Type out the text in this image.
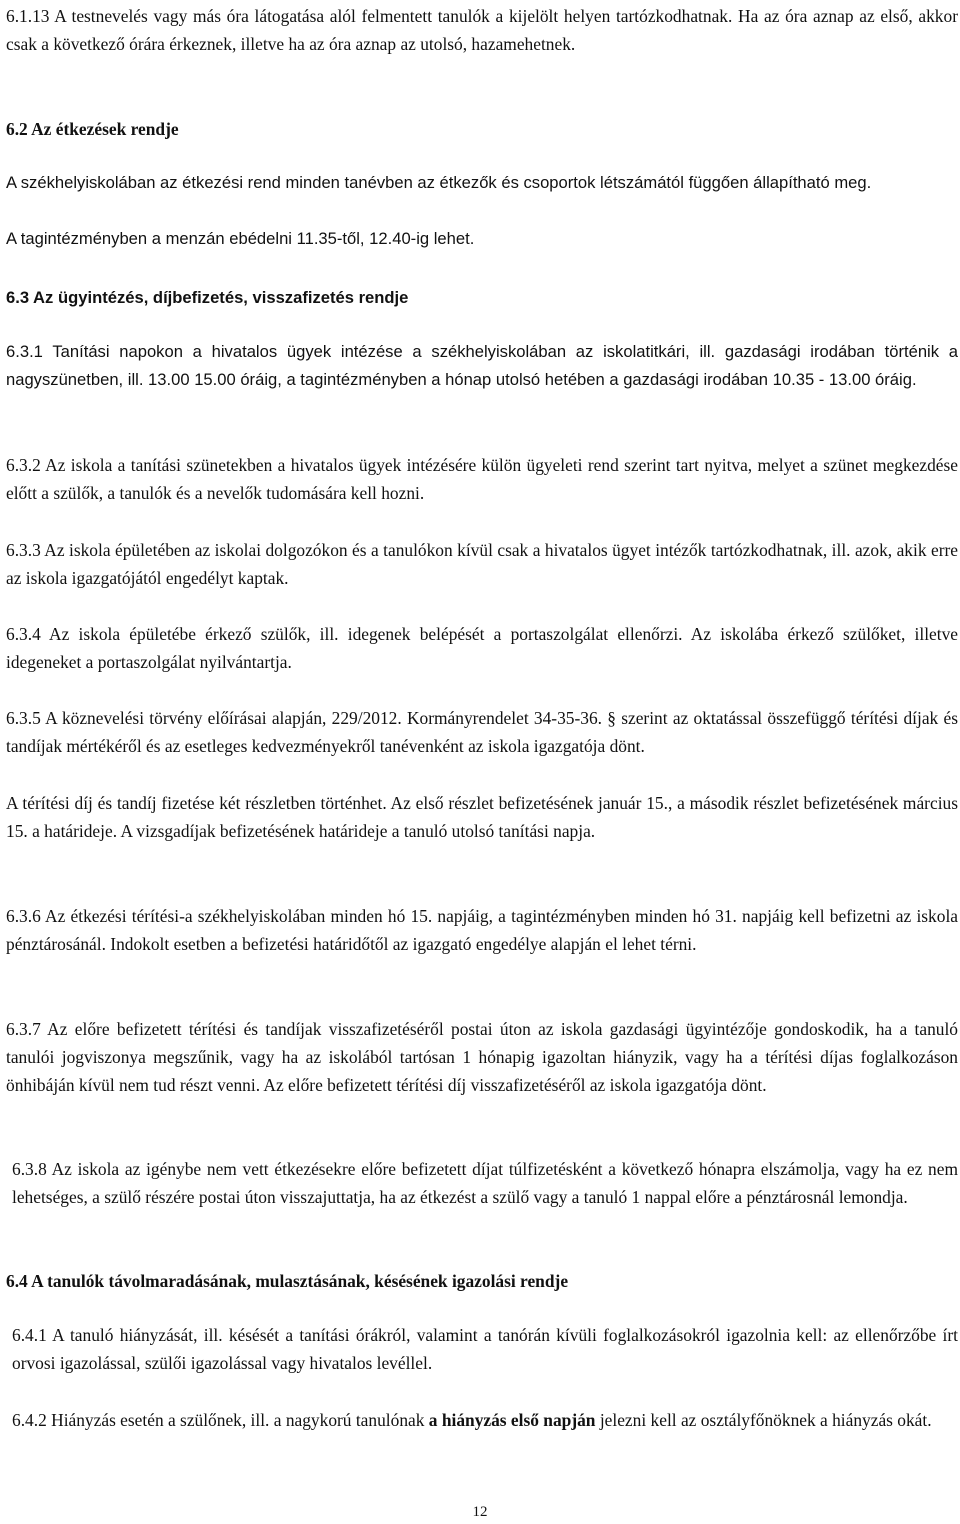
6.1.13 A testnevelés vagy más óra látogatása alól felmentett tanulók a kijelölt helyen tartózkodhatnak. Ha az óra aznap az első, akkor csak a következő órára érkeznek, illetve ha az óra aznap az utolsó, hazamehetnek.
6.2 Az étkezések rendje
A székhelyiskolában az étkezési rend minden tanévben az étkezők és csoportok létszámától függően állapítható meg.
A tagintézményben a menzán ebédelni 11.35-től, 12.40-ig lehet.
6.3 Az ügyintézés, díjbefizetés, visszafizetés rendje
6.3.1 Tanítási napokon a hivatalos ügyek intézése a székhelyiskolában az iskolatitkári, ill. gazdasági irodában történik a nagyszünetben, ill. 13.00 15.00 óráig, a tagintézményben a hónap utolsó hetében a gazdasági irodában 10.35 - 13.00 óráig.
6.3.2 Az iskola a tanítási szünetekben a hivatalos ügyek intézésére külön ügyeleti rend szerint tart nyitva, melyet a szünet megkezdése előtt a szülők, a tanulók és a nevelők tudomására kell hozni.
6.3.3 Az iskola épületében az iskolai dolgozókon és a tanulókon kívül csak a hivatalos ügyet intézők tartózkodhatnak, ill. azok, akik erre az iskola igazgatójától engedélyt kaptak.
6.3.4 Az iskola épületébe érkező szülők, ill. idegenek belépését a portaszolgálat ellenőrzi. Az iskolába érkező szülőket, illetve idegeneket a portaszolgálat nyilvántartja.
6.3.5 A köznevelési törvény előírásai alapján, 229/2012. Kormányrendelet 34-35-36. § szerint az oktatással összefüggő térítési díjak és tandíjak mértékéről és az esetleges kedvezményekről tanévenként az iskola igazgatója dönt.
A térítési díj és tandíj fizetése két részletben történhet. Az első részlet befizetésének január 15., a második részlet befizetésének március 15. a határideje. A vizsgadíjak befizetésének határideje a tanuló utolsó tanítási napja.
6.3.6 Az étkezési térítési-a székhelyiskolában minden hó 15. napjáig, a tagintézményben minden hó 31. napjáig kell befizetni az iskola pénztárosánál. Indokolt esetben a befizetési határidőtől az igazgató engedélye alapján el lehet térni.
6.3.7 Az előre befizetett térítési és tandíjak visszafizetéséről postai úton az iskola gazdasági ügyintézője gondoskodik, ha a tanuló tanulói jogviszonya megszűnik, vagy ha az iskolából tartósan 1 hónapig igazoltan hiányzik, vagy ha a térítési díjas foglalkozáson önhibáján kívül nem tud részt venni. Az előre befizetett térítési díj visszafizetéséről az iskola igazgatója dönt.
6.3.8 Az iskola az igénybe nem vett étkezésekre előre befizetett díjat túlfizetésként a következő hónapra elszámolja, vagy ha ez nem lehetséges, a szülő részére postai úton visszajuttatja, ha az étkezést a szülő vagy a tanuló 1 nappal előre a pénztárosnál lemondja.
6.4 A tanulók távolmaradásának, mulasztásának, késésének igazolási rendje
6.4.1 A tanuló hiányzását, ill. késését a tanítási órákról, valamint a tanórán kívüli foglalkozásokról igazolnia kell: az ellenőrzőbe írt orvosi igazolással, szülői igazolással vagy hivatalos levéllel.
6.4.2 Hiányzás esetén a szülőnek, ill. a nagykorú tanulónak a hiányzás első napján jelezni kell az osztályfőnöknek a hiányzás okát.
12
